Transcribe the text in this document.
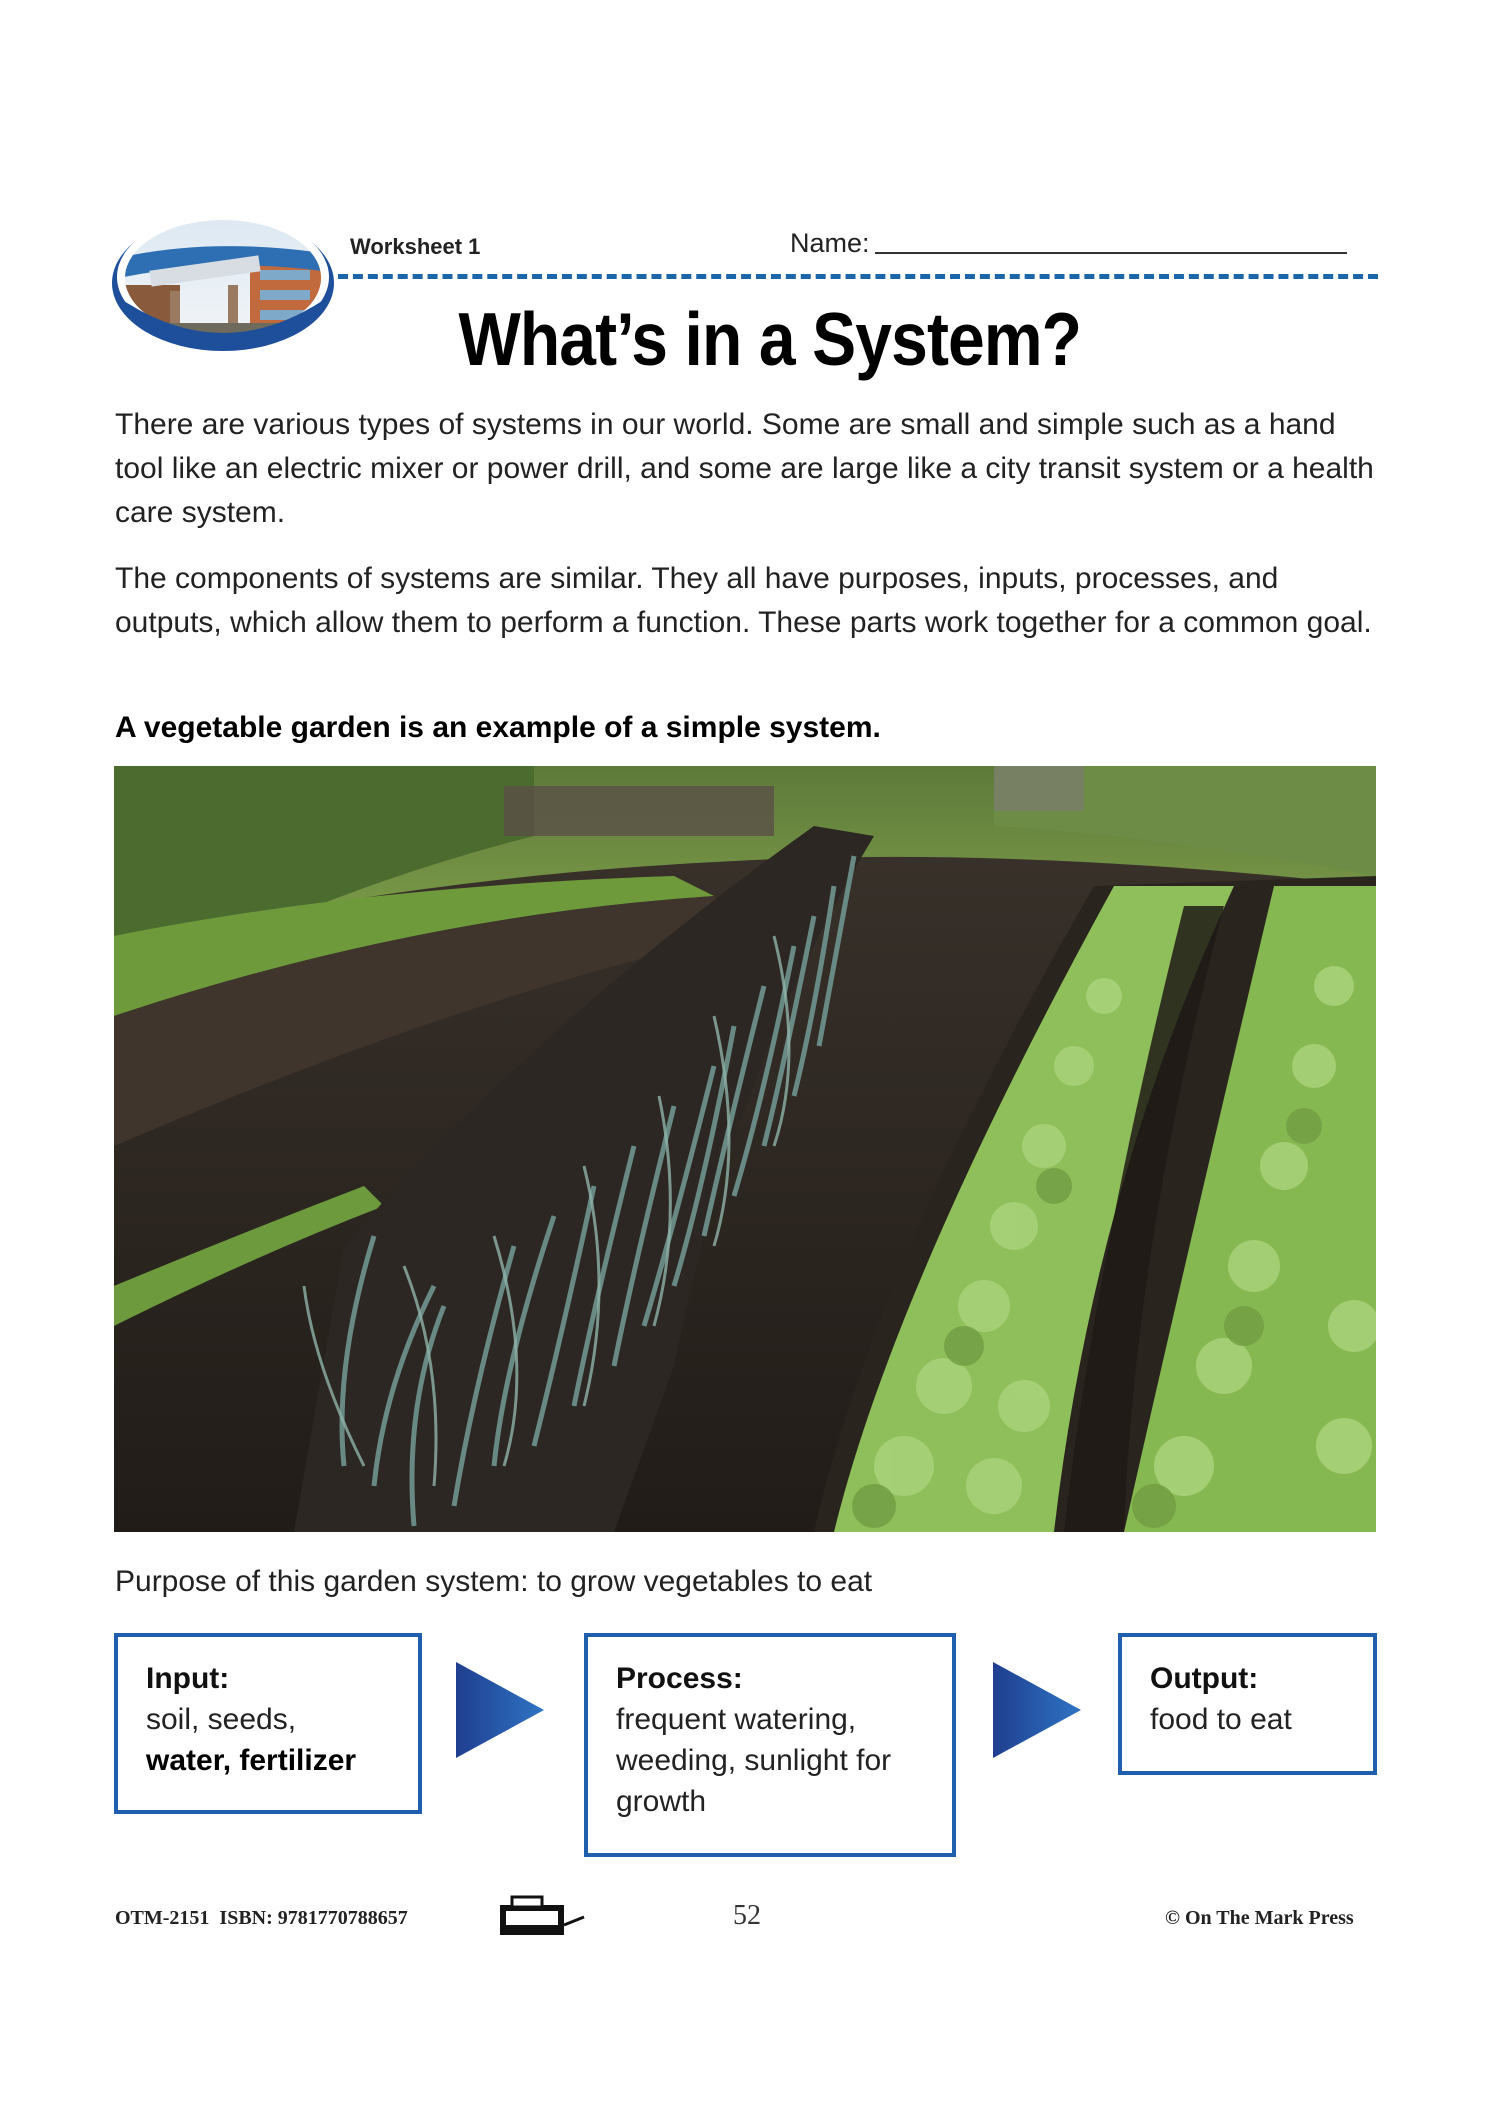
Worksheet 1	Name:
What’s in a System?
There are various types of systems in our world. Some are small and simple such as a hand tool like an electric mixer or power drill, and some are large like a city transit system or a health care system.
The components of systems are similar. They all have purposes, inputs, processes, and outputs, which allow them to perform a function. These parts work together for a common goal.
A vegetable garden is an example of a simple system.
Purpose of this garden system: to grow vegetables to eat
Input:
soil, seeds,
water, fertilizer
Process:
frequent watering, weeding, sunlight for growth
Output:
food to eat
OTM-2151  ISBN: 9781770788657	52	© On The Mark Press
